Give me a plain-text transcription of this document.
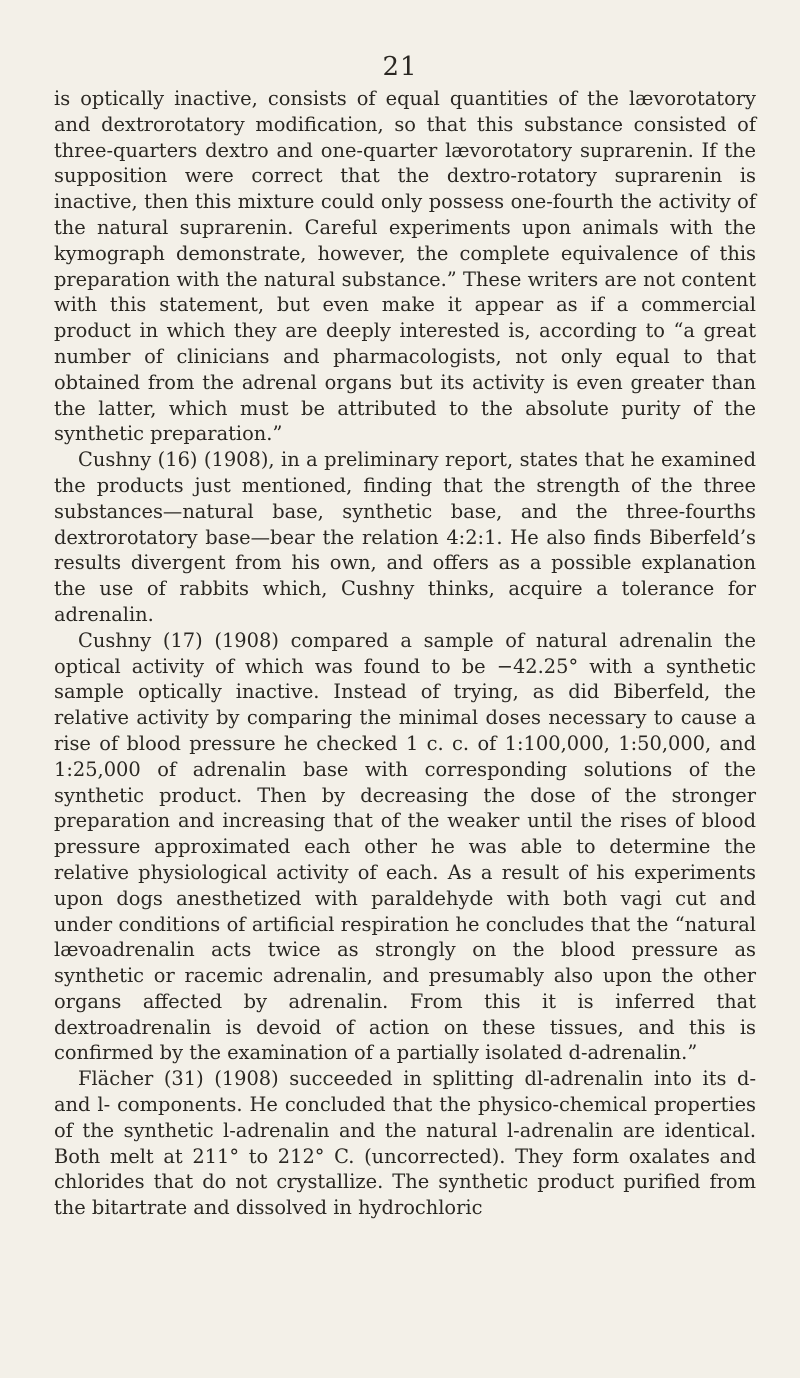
21

is optically inactive, consists of equal quantities of the lævorotatory and dextrorotatory modification, so that this substance consisted of three-quarters dextro and one-quarter lævorotatory suprarenin. If the supposition were correct that the dextro-rotatory suprarenin is inactive, then this mixture could only possess one-fourth the activity of the natural suprarenin. Careful experiments upon animals with the kymograph demonstrate, however, the complete equivalence of this preparation with the natural substance.” These writers are not content with this statement, but even make it appear as if a commercial product in which they are deeply interested is, according to “a great number of clinicians and pharmacologists, not only equal to that obtained from the adrenal organs but its activity is even greater than the latter, which must be attributed to the absolute purity of the synthetic preparation.”

Cushny (16) (1908), in a preliminary report, states that he examined the products just mentioned, finding that the strength of the three substances—natural base, synthetic base, and the three-fourths dextrorotatory base—bear the relation 4:2:1. He also finds Biberfeld’s results divergent from his own, and offers as a possible explanation the use of rabbits which, Cushny thinks, acquire a tolerance for adrenalin.

Cushny (17) (1908) compared a sample of natural adrenalin the optical activity of which was found to be −42.25° with a synthetic sample optically inactive. Instead of trying, as did Biberfeld, the relative activity by comparing the minimal doses necessary to cause a rise of blood pressure he checked 1 c. c. of 1:100,000, 1:50,000, and 1:25,000 of adrenalin base with corresponding solutions of the synthetic product. Then by decreasing the dose of the stronger preparation and increasing that of the weaker until the rises of blood pressure approximated each other he was able to determine the relative physiological activity of each. As a result of his experiments upon dogs anesthetized with paraldehyde with both vagi cut and under conditions of artificial respiration he concludes that the “natural lævoadrenalin acts twice as strongly on the blood pressure as synthetic or racemic adrenalin, and presumably also upon the other organs affected by adrenalin. From this it is inferred that dextroadrenalin is devoid of action on these tissues, and this is confirmed by the examination of a partially isolated d-adrenalin.”

Flächer (31) (1908) succeeded in splitting dl-adrenalin into its d- and l- components. He concluded that the physico-chemical properties of the synthetic l-adrenalin and the natural l-adrenalin are identical. Both melt at 211° to 212° C. (uncorrected). They form oxalates and chlorides that do not crystallize. The synthetic product purified from the bitartrate and dissolved in hydrochloric
